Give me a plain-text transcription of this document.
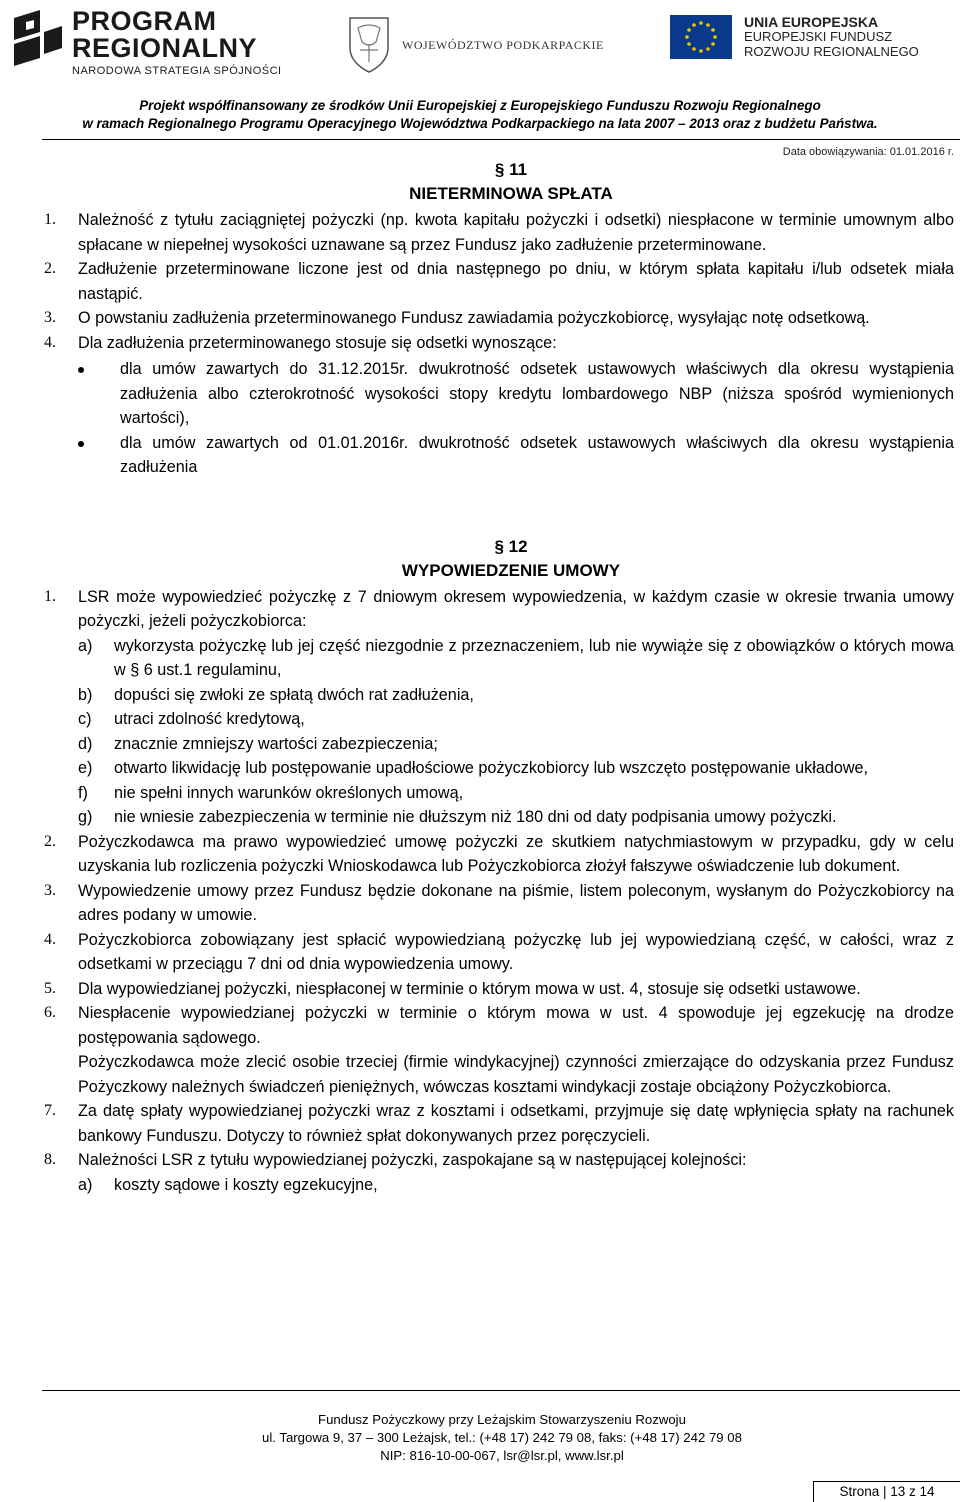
PROGRAM
REGIONALNY
NARODOWA STRATEGIA SPÓJNOŚCI
WOJEWÓDZTWO PODKARPACKIE
UNIA EUROPEJSKA
EUROPEJSKI FUNDUSZ
ROZWOJU REGIONALNEGO
Projekt współfinansowany ze środków Unii Europejskiej z Europejskiego Funduszu Rozwoju Regionalnego
w ramach Regionalnego Programu Operacyjnego Województwa Podkarpackiego na lata 2007 – 2013 oraz z budżetu Państwa.
Data obowiązywania: 01.01.2016 r.
§ 11
NIETERMINOWA SPŁATA
1. Należność z tytułu zaciągniętej pożyczki (np. kwota kapitału pożyczki i odsetki) niespłacone w terminie umownym albo spłacane w niepełnej wysokości uznawane są przez Fundusz jako zadłużenie przeterminowane.

2. Zadłużenie przeterminowane liczone jest od dnia następnego po dniu, w którym spłata kapitału i/lub odsetek miała nastąpić.

3. O powstaniu zadłużenia przeterminowanego Fundusz zawiadamia pożyczkobiorcę, wysyłając notę odsetkową.

4. Dla zadłużenia przeterminowanego stosuje się odsetki wynoszące:

dla umów zawartych do 31.12.2015r. dwukrotność odsetek ustawowych właściwych dla okresu wystąpienia zadłużenia albo czterokrotność wysokości stopy kredytu lombardowego NBP (niższa spośród wymienionych wartości),
dla umów zawartych od 01.01.2016r. dwukrotność odsetek ustawowych właściwych dla okresu wystąpienia zadłużenia
§ 12
WYPOWIEDZENIE UMOWY
1. LSR może wypowiedzieć pożyczkę z 7 dniowym okresem wypowiedzenia, w każdym czasie w okresie trwania umowy pożyczki, jeżeli pożyczkobiorca:

a) wykorzysta pożyczkę lub jej część niezgodnie z przeznaczeniem, lub nie wywiąże się z obowiązków o których mowa w § 6 ust.1 regulaminu,
b) dopuści się zwłoki ze spłatą dwóch rat zadłużenia,
c) utraci zdolność kredytową,
d) znacznie zmniejszy wartości zabezpieczenia;
e) otwarto likwidację lub postępowanie upadłościowe pożyczkobiorcy lub wszczęto postępowanie układowe,
f) nie spełni innych warunków określonych umową,
g) nie wniesie zabezpieczenia w terminie nie dłuższym niż 180 dni od daty podpisania umowy pożyczki.
2. Pożyczkodawca ma prawo wypowiedzieć umowę pożyczki ze skutkiem natychmiastowym w przypadku, gdy w celu uzyskania lub rozliczenia pożyczki Wnioskodawca lub Pożyczkobiorca złożył fałszywe oświadczenie lub dokument.

3. Wypowiedzenie umowy przez Fundusz będzie dokonane na piśmie, listem poleconym, wysłanym do Pożyczkobiorcy na adres podany w umowie.

4. Pożyczkobiorca zobowiązany jest spłacić wypowiedzianą pożyczkę lub jej wypowiedzianą część, w całości, wraz z odsetkami w przeciągu 7 dni od dnia wypowiedzenia umowy.

5. Dla wypowiedzianej pożyczki, niespłaconej w terminie o którym mowa w ust. 4, stosuje się odsetki ustawowe.

6. Niespłacenie wypowiedzianej pożyczki w terminie o którym mowa w ust. 4 spowoduje jej egzekucję na drodze postępowania sądowego.

Pożyczkodawca może zlecić osobie trzeciej (firmie windykacyjnej) czynności zmierzające do odzyskania przez Fundusz Pożyczkowy należnych świadczeń pieniężnych, wówczas kosztami windykacji zostaje obciążony Pożyczkobiorca.

7. Za datę spłaty wypowiedzianej pożyczki wraz z kosztami i odsetkami, przyjmuje się datę wpłynięcia spłaty na rachunek bankowy Funduszu. Dotyczy to również spłat dokonywanych przez poręczycieli.

8. Należności LSR z tytułu wypowiedzianej pożyczki, zaspokajane są w następującej kolejności:

a) koszty sądowe i koszty egzekucyjne,
Fundusz Pożyczkowy przy Leżajskim Stowarzyszeniu Rozwoju
ul. Targowa 9, 37 – 300 Leżajsk, tel.: (+48 17) 242 79 08, faks: (+48 17) 242 79 08
NIP: 816-10-00-067, lsr@lsr.pl, www.lsr.pl
Strona | 13 z 14
